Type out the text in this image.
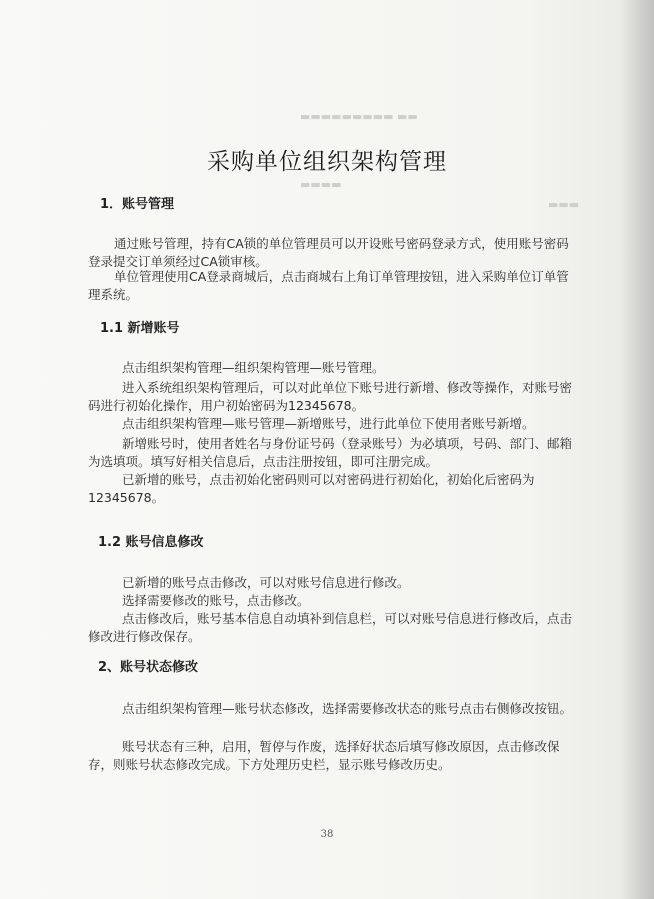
▬▬▬▬▬▬▬▬▬ ▬▬
▬▬▬▬
▬▬▬
采购单位组织架构管理
1．账号管理
通过账号管理，持有CA锁的单位管理员可以开设账号密码登录方式，使用账号密码登录提交订单须经过CA锁审核。
单位管理使用CA登录商城后，点击商城右上角订单管理按钮，进入采购单位订单管理系统。
1.1 新增账号
点击组织架构管理—组织架构管理—账号管理。
进入系统组织架构管理后，可以对此单位下账号进行新增、修改等操作，对账号密码进行初始化操作，用户初始密码为12345678。
点击组织架构管理—账号管理—新增账号，进行此单位下使用者账号新增。
新增账号时，使用者姓名与身份证号码（登录账号）为必填项，号码、部门、邮箱为选填项。填写好相关信息后，点击注册按钮，即可注册完成。
已新增的账号，点击初始化密码则可以对密码进行初始化，初始化后密码为12345678。
1.2 账号信息修改
已新增的账号点击修改，可以对账号信息进行修改。
选择需要修改的账号，点击修改。
点击修改后，账号基本信息自动填补到信息栏，可以对账号信息进行修改后，点击修改进行修改保存。
2、账号状态修改
点击组织架构管理—账号状态修改，选择需要修改状态的账号点击右侧修改按钮。
账号状态有三种，启用，暂停与作废，选择好状态后填写修改原因，点击修改保存，则账号状态修改完成。下方处理历史栏，显示账号修改历史。
38
